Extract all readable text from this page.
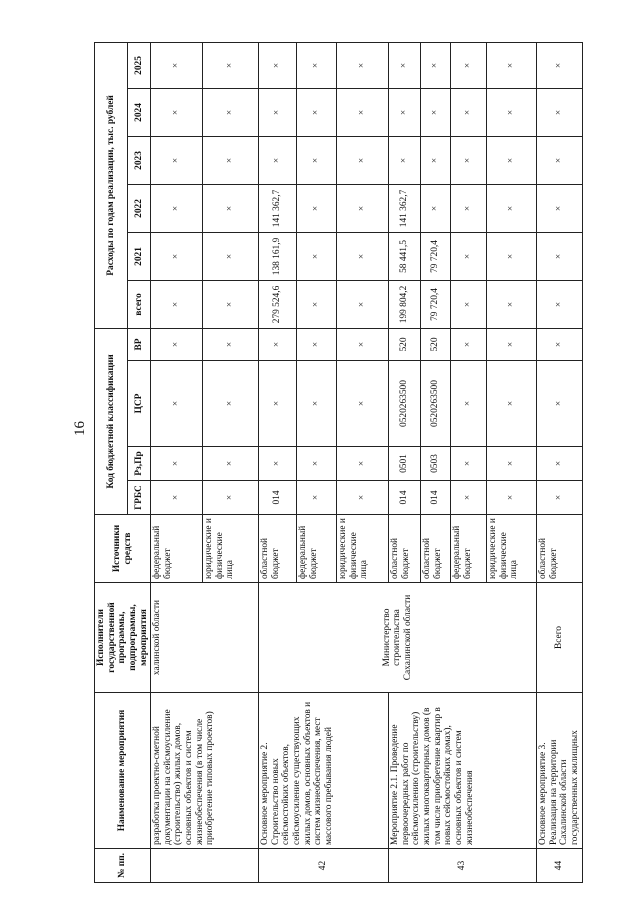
16
№ пп.	Наименование мероприятия	Исполнители государственной программы, подпрограммы, мероприятия	Источники средств	Код бюджетной классификации				Расходы по годам реализации, тыс. рублей					
				ГРБС	Рз,Пр	ЦСР	ВР	всего	2021	2022	2023	2024	2025
	разработка проектно-сметной документации на сейсмоусиление (строительство) жилых домов, основных объектов и систем жизнеобеспечения (в том числе приобретение типовых проектов)	халинской области	федеральный бюджет	×	×	×	×	×	×	×	×	×	×
			юридические и физические лица	×	×	×	×	×	×	×	×	×	×
42	Основное мероприятие 2. Строительство новых сейсмостойких объектов, сейсмоусиление существующих жилых домов, основных объектов и систем жизнеобеспечения, мест массового пребывания людей	Министерство строительства Сахалинской области	областной бюджет	014	×	×	×	279 524,6	138 161,9	141 362,7	×	×	×
			федеральный бюджет	×	×	×	×	×	×	×	×	×	×
			юридические и физические лица	×	×	×	×	×	×	×	×	×	×
43	Мероприятие 2.1. Проведение первоочередных работ по сейсмоусилению (строительству) жилых многоквартирных домов (в том числе приобретение квартир в новых сейсмостойких домах), основных объектов и систем жизнеобеспечения		областной бюджет	014	0501	0520263500	520	199 804,2	58 441,5	141 362,7	×	×	×
			областной бюджет	014	0503	0520263500	520	79 720,4	79 720,4	×	×	×	×
			федеральный бюджет	×	×	×	×	×	×	×	×	×	×
			юридические и физические лица	×	×	×	×	×	×	×	×	×	×
44	Основное мероприятие 3. Реализация на территории Сахалинской области государственных жилищных	Всего	областной бюджет	×	×	×	×	×	×	×	×	×	×
